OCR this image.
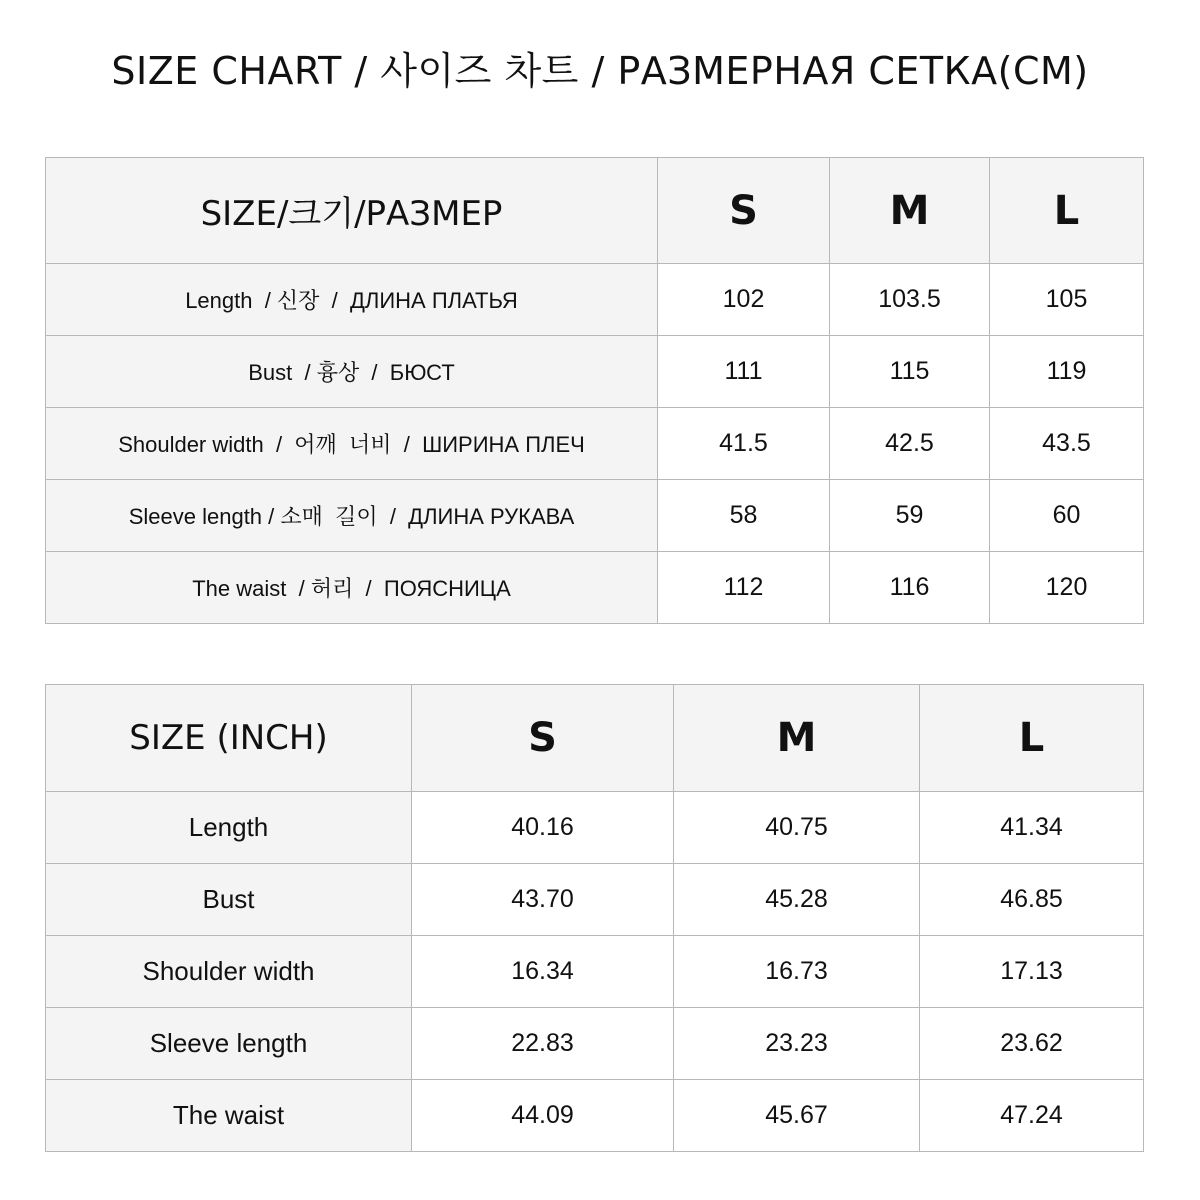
SIZE CHART / 사이즈 차트 / РАЗМЕРНАЯ СЕТКА(CM)
SIZE/크기/РАЗМЕР	S	M	L
Length  / 신장  /  ДЛИНА ПЛАТЬЯ	102	103.5	105
Bust  / 흉상  /  БЮСТ	111	115	119
Shoulder width  /  어깨  너비  /  ШИРИНА ПЛЕЧ	41.5	42.5	43.5
Sleeve length / 소매  길이  /  ДЛИНА РУКАВА	58	59	60
The waist  / 허리  /  ПОЯСНИЦА	112	116	120
SIZE (INCH)	S	M	L
Length	40.16	40.75	41.34
Bust	43.70	45.28	46.85
Shoulder width	16.34	16.73	17.13
Sleeve length	22.83	23.23	23.62
The waist	44.09	45.67	47.24
